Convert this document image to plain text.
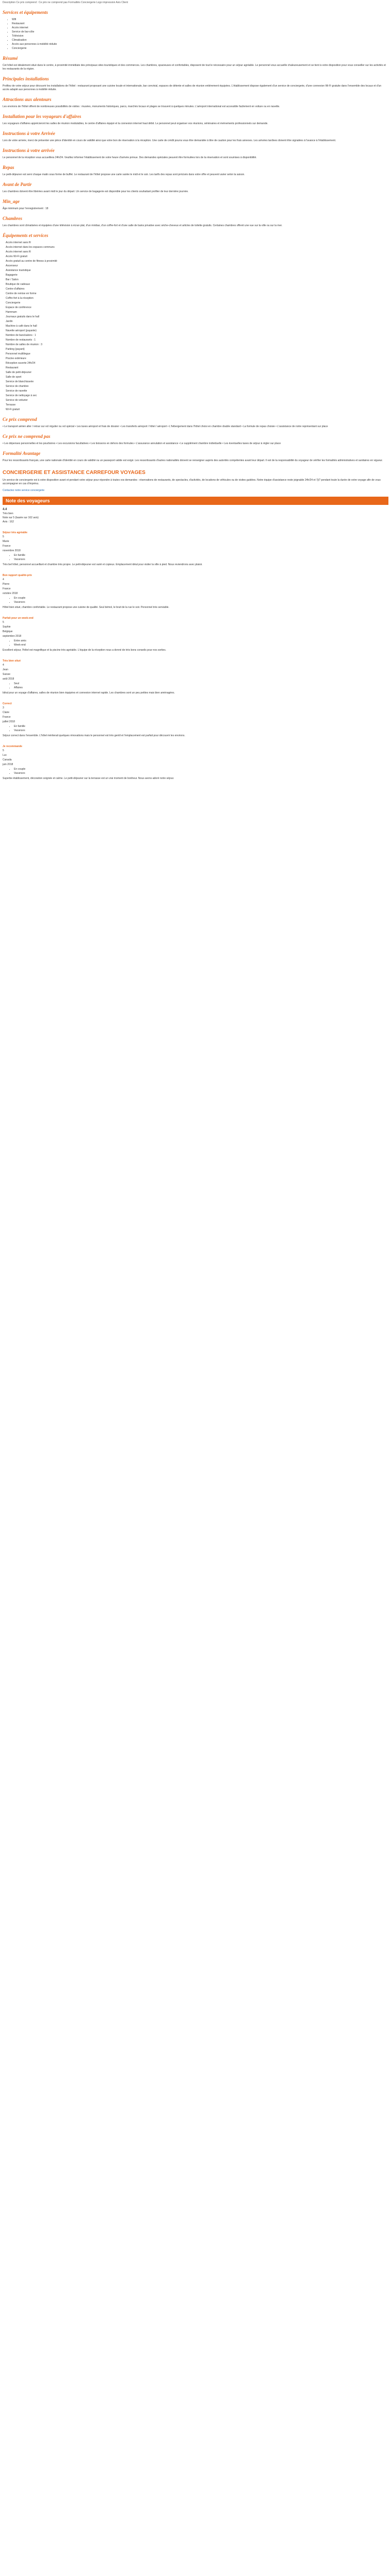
Description Ce prix comprend : Ce prix ne comprend pas Formalités Conciergerie Logo impression Avis Client

Services et équipements
• Wifi
• Restaurant
• Accès internet
• Service de bar-côte
• Télévision
• Climatisation
• Accès aux personnes à mobilité réduite
• Conciergerie
Résumé

Cet hôtel est idéalement situé dans le centre, à proximité immédiate des principaux sites touristiques et des commerces. Les chambres, spacieuses et confortables, disposent de tout le nécessaire pour un séjour agréable. Le personnel vous accueille chaleureusement et se tient à votre disposition pour vous conseiller sur les activités et les restaurants de la région.

Principales installations

Profitez de votre séjour pour découvrir les installations de l'hôtel : restaurant proposant une cuisine locale et internationale, bar convivial, espaces de détente et salles de réunion entièrement équipées. L'établissement dispose également d'un service de conciergerie, d'une connexion Wi-Fi gratuite dans l'ensemble des locaux et d'un accès adapté aux personnes à mobilité réduite.

Attractions aux alentours

Les environs de l'hôtel offrent de nombreuses possibilités de visites : musées, monuments historiques, parcs, marchés locaux et plages se trouvent à quelques minutes. L'aéroport international est accessible facilement en voiture ou en navette.

Installation pour les voyageurs d'affaires

Les voyageurs d'affaires apprécieront les salles de réunion modulables, le centre d'affaires équipé et la connexion internet haut débit. Le personnel peut organiser vos réunions, séminaires et événements professionnels sur demande.

Instructions à votre Arrivée

Lors de votre arrivée, merci de présenter une pièce d'identité en cours de validité ainsi que votre bon de réservation à la réception. Une carte de crédit pourra vous être demandée à titre de caution pour les frais annexes. Les arrivées tardives doivent être signalées à l'avance à l'établissement.

Instructions à votre arrivée

Le personnel de la réception vous accueillera 24h/24. Veuillez informer l'établissement de votre heure d'arrivée prévue. Des demandes spéciales peuvent être formulées lors de la réservation et sont soumises à disponibilité.

Repas

Le petit-déjeuner est servi chaque matin sous forme de buffet. Le restaurant de l'hôtel propose une carte variée le midi et le soir. Les tarifs des repas sont précisés dans votre offre et peuvent varier selon la saison.

Avant de Partir

Les chambres doivent être libérées avant midi le jour du départ. Un service de bagagerie est disponible pour les clients souhaitant profiter de leur dernière journée.

Min_age

Âge minimum pour l'enregistrement : 18

Chambres

Les chambres sont climatisées et équipées d'une télévision à écran plat, d'un minibar, d'un coffre-fort et d'une salle de bains privative avec sèche-cheveux et articles de toilette gratuits. Certaines chambres offrent une vue sur la ville ou sur la mer.

Équipements et services
Accès internet sans fil
Accès internet dans les espaces communs
Accès internet sans fil
Accès Wi-Fi gratuit
Accès gratuit au centre de fitness à proximité
Ascenseur
Assistance touristique
Bagagerie
Bar / Salon
Boutique de cadeaux
Centre d'affaires
Centre de remise en forme
Coffre-fort à la réception
Conciergerie
Espace de conférence
Hammam
Journaux gratuits dans le hall
Jardin
Machine à café dans le hall
Navette aéroport (payante)
Nombre de bars/salons : 1
Nombre de restaurants : 1
Nombre de salles de réunion : 3
Parking (payant)
Personnel multilingue
Piscine extérieure
Réception ouverte 24h/24
Restaurant
Salle de petit-déjeuner
Salle de sport
Service de blanchisserie
Service de chambre
Service de navette
Service de nettoyage à sec
Service de voiturier
Terrasse
Wi-Fi gratuit
Ce prix comprend

• Le transport aérien aller / retour sur vol régulier ou vol spécial • Les taxes aéroport et frais de dossier • Les transferts aéroport / hôtel / aéroport • L'hébergement dans l'hôtel choisi en chambre double standard • La formule de repas choisie • L'assistance de notre représentant sur place

Ce prix ne comprend pas

• Les dépenses personnelles et les pourboires • Les excursions facultatives • Les boissons en dehors des formules • L'assurance annulation et assistance • Le supplément chambre individuelle • Les éventuelles taxes de séjour à régler sur place

Formalité Avantage

Pour les ressortissants français, une carte nationale d'identité en cours de validité ou un passeport valide est exigé. Les ressortissants d'autres nationalités doivent se renseigner auprès des autorités compétentes avant leur départ. Il est de la responsabilité du voyageur de vérifier les formalités administratives et sanitaires en vigueur.

CONCIERGERIE ET ASSISTANCE CARREFOUR VOYAGES

Un service de conciergerie est à votre disposition avant et pendant votre séjour pour répondre à toutes vos demandes : réservations de restaurants, de spectacles, d'activités, de locations de véhicules ou de visites guidées. Notre équipe d'assistance reste joignable 24h/24 et 7j/7 pendant toute la durée de votre voyage afin de vous accompagner en cas d'imprévu.

Contactez notre service conciergerie

Note des voyageurs
4.4
Très bien
Note sur 5 (basée sur 162 avis)
Avis : 162
Séjour très agréable
5
Marie
France
novembre 2018
• En famille
• Vacances
Très bel hôtel, personnel accueillant et chambre très propre. Le petit-déjeuner est varié et copieux. Emplacement idéal pour visiter la ville à pied. Nous reviendrons avec plaisir.
Bon rapport qualité-prix
4
Pierre
France
octobre 2018
• En couple
• Vacances
Hôtel bien situé, chambre confortable. Le restaurant propose une cuisine de qualité. Seul bémol, le bruit de la rue le soir. Personnel très serviable.
Parfait pour un week-end
5
Sophie
Belgique
septembre 2018
• Entre amis
• Week-end
Excellent séjour, l'hôtel est magnifique et la piscine très agréable. L'équipe de la réception nous a donné de très bons conseils pour nos sorties.
Très bien situé
4
Jean
Suisse
août 2018
• Seul
• Affaires
Idéal pour un voyage d'affaires, salles de réunion bien équipées et connexion internet rapide. Les chambres sont un peu petites mais bien aménagées.
Correct
3
Claire
France
juillet 2018
• En famille
• Vacances
Séjour correct dans l'ensemble. L'hôtel mériterait quelques rénovations mais le personnel est très gentil et l'emplacement est parfait pour découvrir les environs.
Je recommande
5
Luc
Canada
juin 2018
• En couple
• Vacances
Superbe établissement, décoration soignée et calme. Le petit-déjeuner sur la terrasse est un vrai moment de bonheur. Nous avons adoré notre séjour.
